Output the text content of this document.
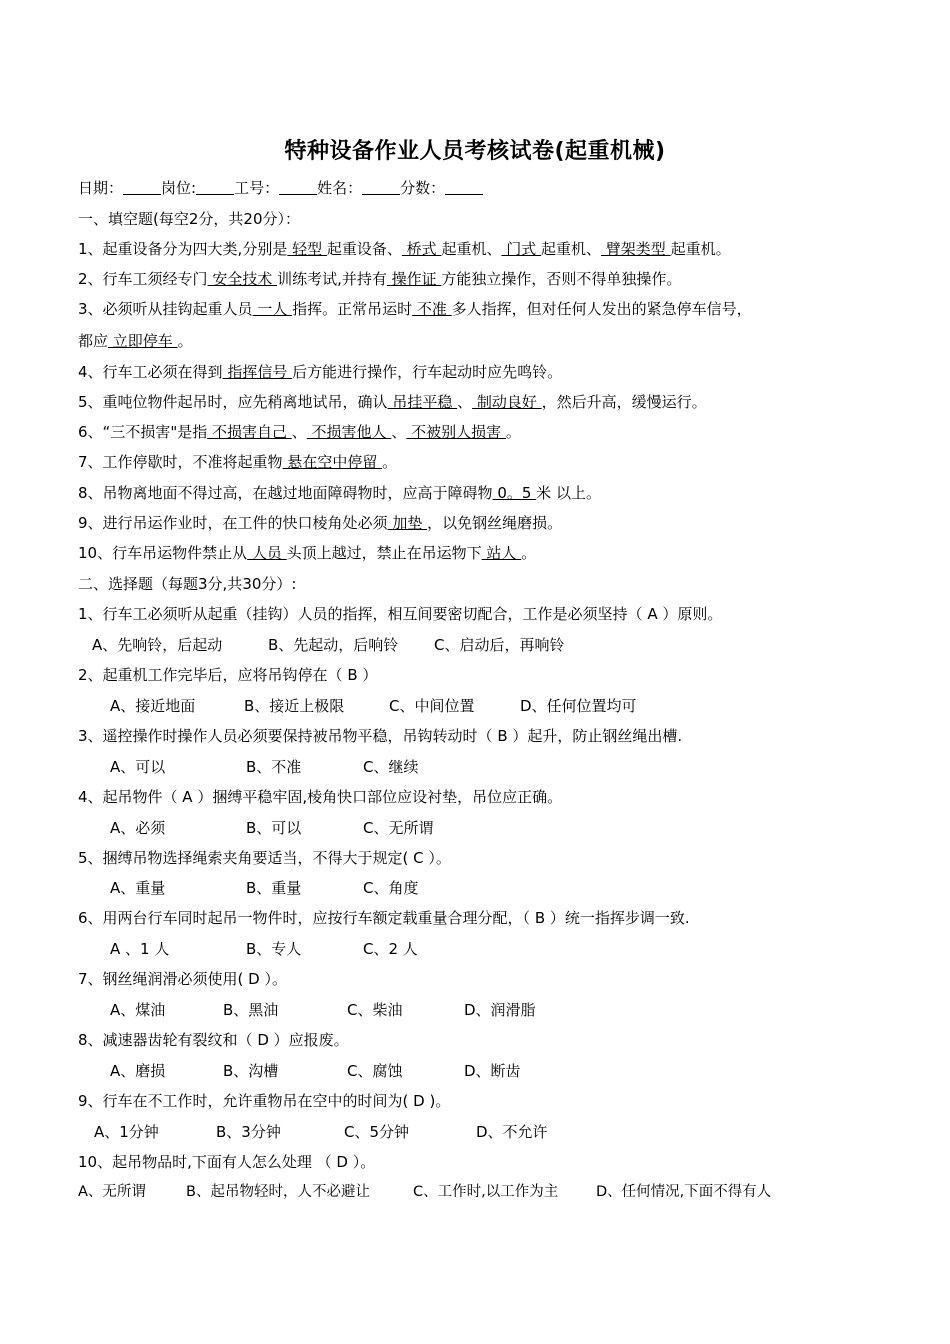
特种设备作业人员考核试卷(起重机械)
日期：	岗位:	工号：	姓名：	分数：
一、填空题(每空2分，共20分）：
1、起重设备分为四大类,分别是 轻型 起重设备、 桥式 起重机、 门式 起重机、 臂架类型 起重机。
2、行车工须经专门 安全技术 训练考试,并持有 操作证 方能独立操作，否则不得单独操作。
3、必须听从挂钩起重人员 一人 指挥。正常吊运时 不准 多人指挥，但对任何人发出的紧急停车信号，
都应 立即停车 。
4、行车工必须在得到 指挥信号 后方能进行操作，行车起动时应先鸣铃。
5、重吨位物件起吊时，应先稍离地试吊，确认 吊挂平稳 、 制动良好 ，然后升高，缓慢运行。
6、“三不损害"是指 不损害自己 、 不损害他人 、 不被别人损害 。
7、工作停歇时，不准将起重物 悬在空中停留 。
8、吊物离地面不得过高，在越过地面障碍物时，应高于障碍物 0。5 米 以上。
9、进行吊运作业时，在工件的快口棱角处必须 加垫 ，以免钢丝绳磨损。
10、行车吊运物件禁止从 人员 头顶上越过，禁止在吊运物下 站人 。
二、选择题（每题3分,共30分）:
1、行车工必须听从起重（挂钩）人员的指挥，相互间要密切配合，工作是必须坚持（ A ）原则。
A、先响铃，后起动	B、先起动，后响铃 C、启动后，再响铃
2、起重机工作完毕后，应将吊钩停在（ B ）
A、接近地面	B、接近上极限	C、中间位置	D、任何位置均可
3、遥控操作时操作人员必须要保持被吊物平稳，吊钩转动时（ B ）起升，防止钢丝绳出槽.
A、可以	B、不准	C、继续
4、起吊物件（ A ）捆缚平稳牢固,棱角快口部位应设衬垫，吊位应正确。
A、必须	B、可以	C、无所谓
5、捆缚吊物选择绳索夹角要适当，不得大于规定( C ）。
A、重量	B、重量	C、角度
6、用两台行车同时起吊一物件时，应按行车额定载重量合理分配，（ B ）统一指挥步调一致.
A 、1 人	B、专人	C、2 人
7、钢丝绳润滑必须使用( D ）。
A、煤油	B、黑油	C、柴油	D、润滑脂
8、减速器齿轮有裂纹和（ D ）应报废。
A、磨损	B、沟槽	C、腐蚀	D、断齿
9、行车在不工作时，允许重物吊在空中的时间为( D )。
A、1分钟	B、3分钟	C、5分钟	D、不允许
10、起吊物品时,下面有人怎么处理 （ D ）。
A、无所谓	B、起吊物轻时，人不必避让	C、工作时,以工作为主	D、任何情况,下面不得有人
